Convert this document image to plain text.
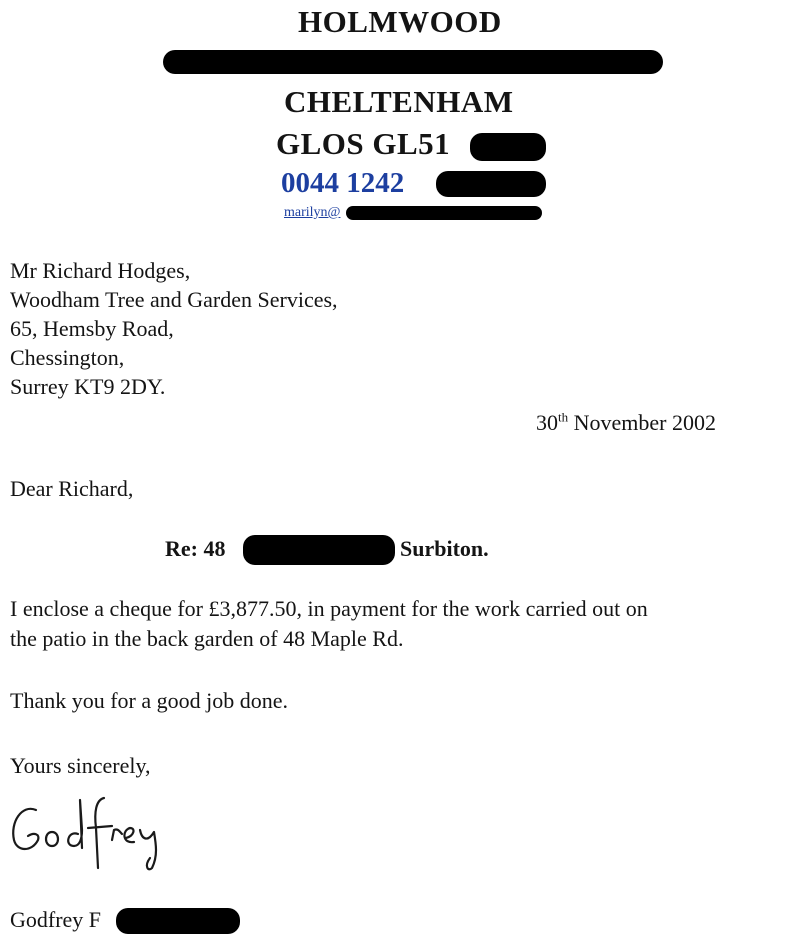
HOLMWOOD
CHELTENHAM
GLOS GL51
0044 1242
marilyn@
Mr Richard Hodges,
Woodham Tree and Garden Services,
65, Hemsby Road,
Chessington,
Surrey KT9 2DY.
30th November 2002
Dear Richard,
Re: 48	Surbiton.
I enclose a cheque for £3,877.50, in payment for the work carried out on
the patio in the back garden of 48 Maple Rd.
Thank you for a good job done.
Yours sincerely,
Godfrey F
